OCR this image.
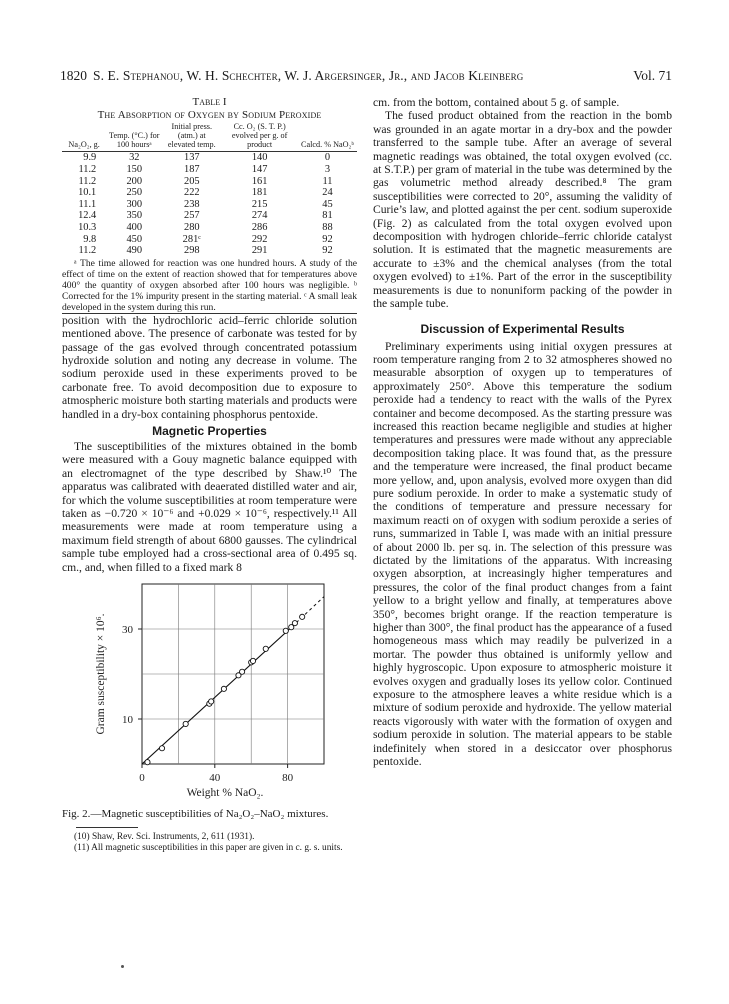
1820 S. E. Stephanou, W. H. Schechter, W. J. Argersinger, Jr., and Jacob Kleinberg	Vol. 71
Table I
The Absorption of Oxygen by Sodium Peroxide
Na₂O₂, g.	Temp. (°C.) for 100 hoursᵃ	Initial press. (atm.) at elevated temp.	Cc. O₂ (S. T. P.) evolved per g. of product	Calcd. % NaO₂ᵇ
9.9	32	137	140	0
11.2	150	187	147	3
11.2	200	205	161	11
10.1	250	222	181	24
11.1	300	238	215	45
12.4	350	257	274	81
10.3	400	280	286	88
9.8	450	281ᶜ	292	92
11.2	490	298	291	92
ᵃ The time allowed for reaction was one hundred hours. A study of the effect of time on the extent of reaction showed that for temperatures above 400° the quantity of oxygen absorbed after 100 hours was negligible. ᵇ Corrected for the 1% impurity present in the starting material. ᶜ A small leak developed in the system during this run.

position with the hydrochloric acid–ferric chloride solution mentioned above. The presence of carbonate was tested for by passage of the gas evolved through concentrated potassium hydroxide solution and noting any decrease in volume. The sodium peroxide used in these experiments proved to be carbonate free. To avoid decomposition due to exposure to atmospheric moisture both starting materials and products were handled in a dry-box containing phosphorus pentoxide.

Magnetic Properties

The susceptibilities of the mixtures obtained in the bomb were measured with a Gouy magnetic balance equipped with an electromagnet of the type described by Shaw.¹⁰ The apparatus was calibrated with deaerated distilled water and air, for which the volume susceptibilities at room temperature were taken as −0.720 × 10⁻⁶ and +0.029 × 10⁻⁶, respectively.¹¹ All measurements were made at room temperature using a maximum field strength of about 6800 gausses. The cylindrical sample tube employed had a cross-sectional area of 0.495 sq. cm., and, when filled to a fixed mark 8

0	40	80
10
30
Weight % NaO₂.
Gram susceptibility × 10⁶.
Fig. 2.—Magnetic susceptibilities of Na₂O₂–NaO₂ mixtures.

(10) Shaw, Rev. Sci. Instruments, 2, 611 (1931).

(11) All magnetic susceptibilities in this paper are given in c. g. s. units.

cm. from the bottom, contained about 5 g. of sample.

The fused product obtained from the reaction in the bomb was grounded in an agate mortar in a dry-box and the powder transferred to the sample tube. After an average of several magnetic readings was obtained, the total oxygen evolved (cc. at S.T.P.) per gram of material in the tube was determined by the gas volumetric method already described.⁸ The gram susceptibilities were corrected to 20°, assuming the validity of Curie’s law, and plotted against the per cent. sodium superoxide (Fig. 2) as calculated from the total oxygen evolved upon decomposition with hydrogen chloride–ferric chloride catalyst solution. It is estimated that the magnetic measurements are accurate to ±3% and the chemical analyses (from the total oxygen evolved) to ±1%. Part of the error in the susceptibility measurements is due to nonuniform packing of the powder in the sample tube.

Discussion of Experimental Results

Preliminary experiments using initial oxygen pressures at room temperature ranging from 2 to 32 atmospheres showed no measurable absorption of oxygen up to temperatures of approximately 250°. Above this temperature the sodium peroxide had a tendency to react with the walls of the Pyrex container and become decomposed. As the starting pressure was increased this reaction became negligible and studies at higher temperatures and pressures were made without any appreciable decomposition taking place. It was found that, as the pressure and the temperature were increased, the final product became more yellow, and, upon analysis, evolved more oxygen than did pure sodium peroxide. In order to make a systematic study of the conditions of temperature and pressure necessary for maximum reacti on of oxygen with sodium peroxide a series of runs, summarized in Table I, was made with an initial pressure of about 2000 lb. per sq. in. The selection of this pressure was dictated by the limitations of the apparatus. With increasing oxygen absorption, at increasingly higher temperatures and pressures, the color of the final product changes from a faint yellow to a bright yellow and finally, at temperatures above 350°, becomes bright orange. If the reaction temperature is higher than 300°, the final product has the appearance of a fused homogeneous mass which may readily be pulverized in a mortar. The powder thus obtained is uniformly yellow and highly hygroscopic. Upon exposure to atmospheric moisture it evolves oxygen and gradually loses its yellow color. Continued exposure to the atmosphere leaves a white residue which is a mixture of sodium peroxide and hydroxide. The yellow material reacts vigorously with water with the formation of oxygen and sodium peroxide in solution. The material appears to be stable indefinitely when stored in a desiccator over phosphorus pentoxide.
